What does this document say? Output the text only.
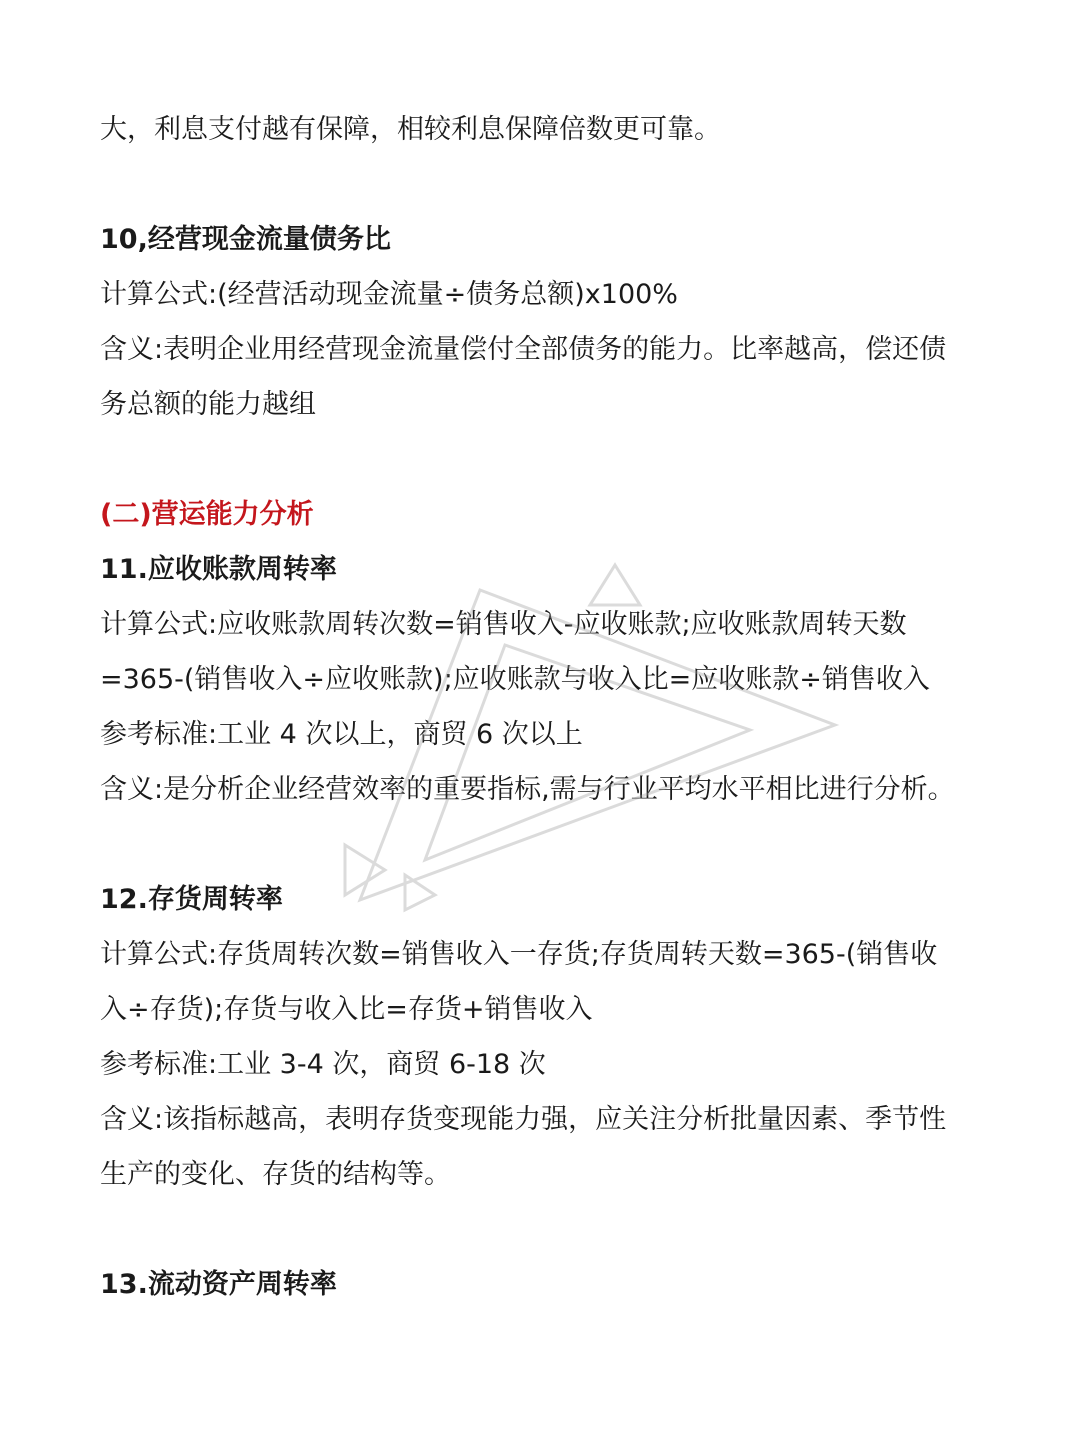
大，利息支付越有保障，相较利息保障倍数更可靠。
10,经营现金流量债务比
计算公式:(经营活动现金流量÷债务总额)x100%
含义:表明企业用经营现金流量偿付全部债务的能力。比率越高，偿还债
务总额的能力越组
(二)营运能力分析
11.应收账款周转率
计算公式:应收账款周转次数=销售收入-应收账款;应收账款周转天数
=365-(销售收入÷应收账款);应收账款与收入比=应收账款÷销售收入
参考标准:工业 4 次以上，商贸 6 次以上
含义:是分析企业经营效率的重要指标,需与行业平均水平相比进行分析。
12.存货周转率
计算公式:存货周转次数=销售收入一存货;存货周转天数=365-(销售收
入÷存货);存货与收入比=存货+销售收入
参考标准:工业 3-4 次，商贸 6-18 次
含义:该指标越高，表明存货变现能力强，应关注分析批量因素、季节性
生产的变化、存货的结构等。
13.流动资产周转率
